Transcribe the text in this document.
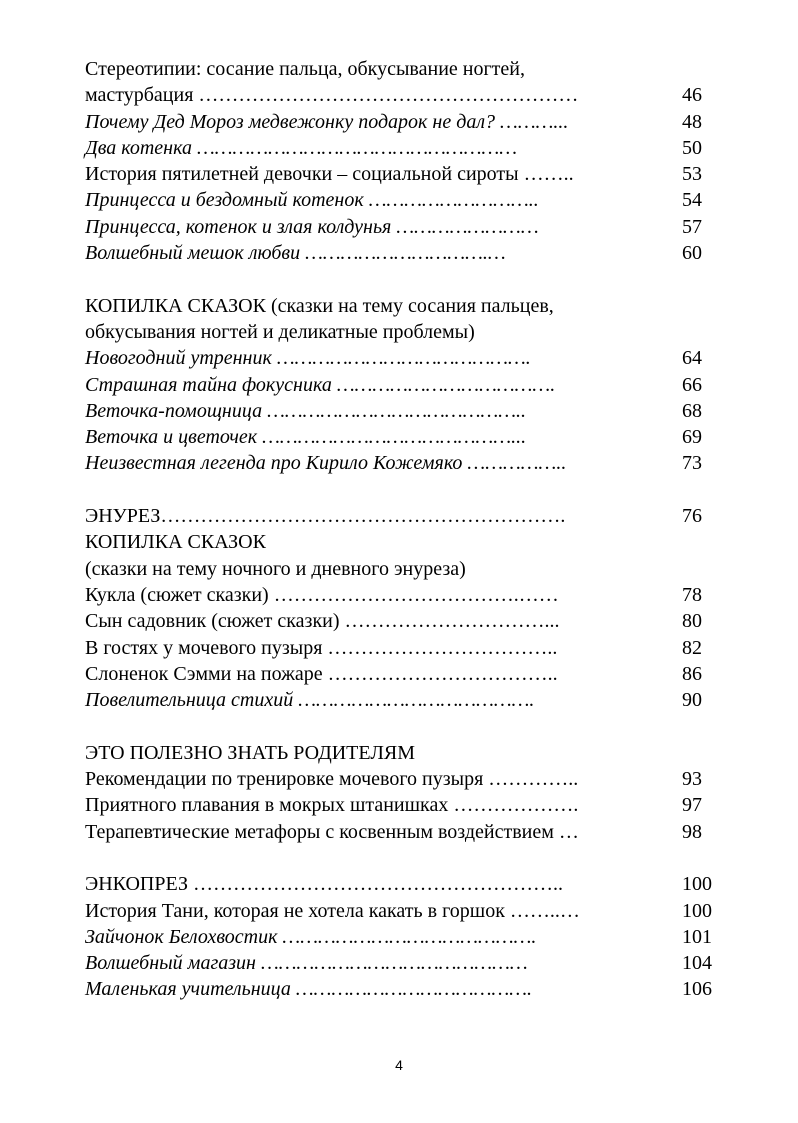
Стереотипии: сосание пальца, обкусывание ногтей,
мастурбация …………………………………………………	46
Почему Дед Мороз медвежонку подарок не дал? ………...	48
Два котенка ………………………………………………	50
История пятилетней девочки – социальной сироты ……..	53
Принцесса и бездомный котенок ………………………..	54
Принцесса, котенок и злая колдунья ……………………	57
Волшебный мешок любви ………………………….…	60
КОПИЛКА СКАЗОК (сказки на тему сосания пальцев,
обкусывания ногтей и деликатные проблемы)
Новогодний утренник …………………………………….	64
Страшная тайна фокусника ……………………………….	66
Веточка-помощница ……………………………………..	68
Веточка и цветочек ……………………………………...	69
Неизвестная легенда про Кирило Кожемяко ……………..	73
ЭНУРЕЗ…………………………………………………….	76
КОПИЛКА СКАЗОК
(сказки на тему ночного и дневного энуреза)
Кукла (сюжет сказки) ……………………………….……	78
Сын садовник (сюжет сказки) …………………………...	80
В гостях у мочевого пузыря ……………………………..	82
Слоненок Сэмми на пожаре ……………………………..	86
Повелительница стихий ………………………………….	90
ЭТО ПОЛЕЗНО ЗНАТЬ РОДИТЕЛЯМ
Рекомендации по тренировке мочевого пузыря …………..	93
Приятного плавания в мокрых штанишках ……………….	97
Терапевтические метафоры с косвенным воздействием …	98
ЭНКОПРЕЗ ………………………………………………..	100
История Тани, которая не хотела какать в горшок ……..…	100
Зайчонок Белохвостик …………………………………….	101
Волшебный магазин ………………………………………	104
Маленькая учительница ………………………………….	106
4
